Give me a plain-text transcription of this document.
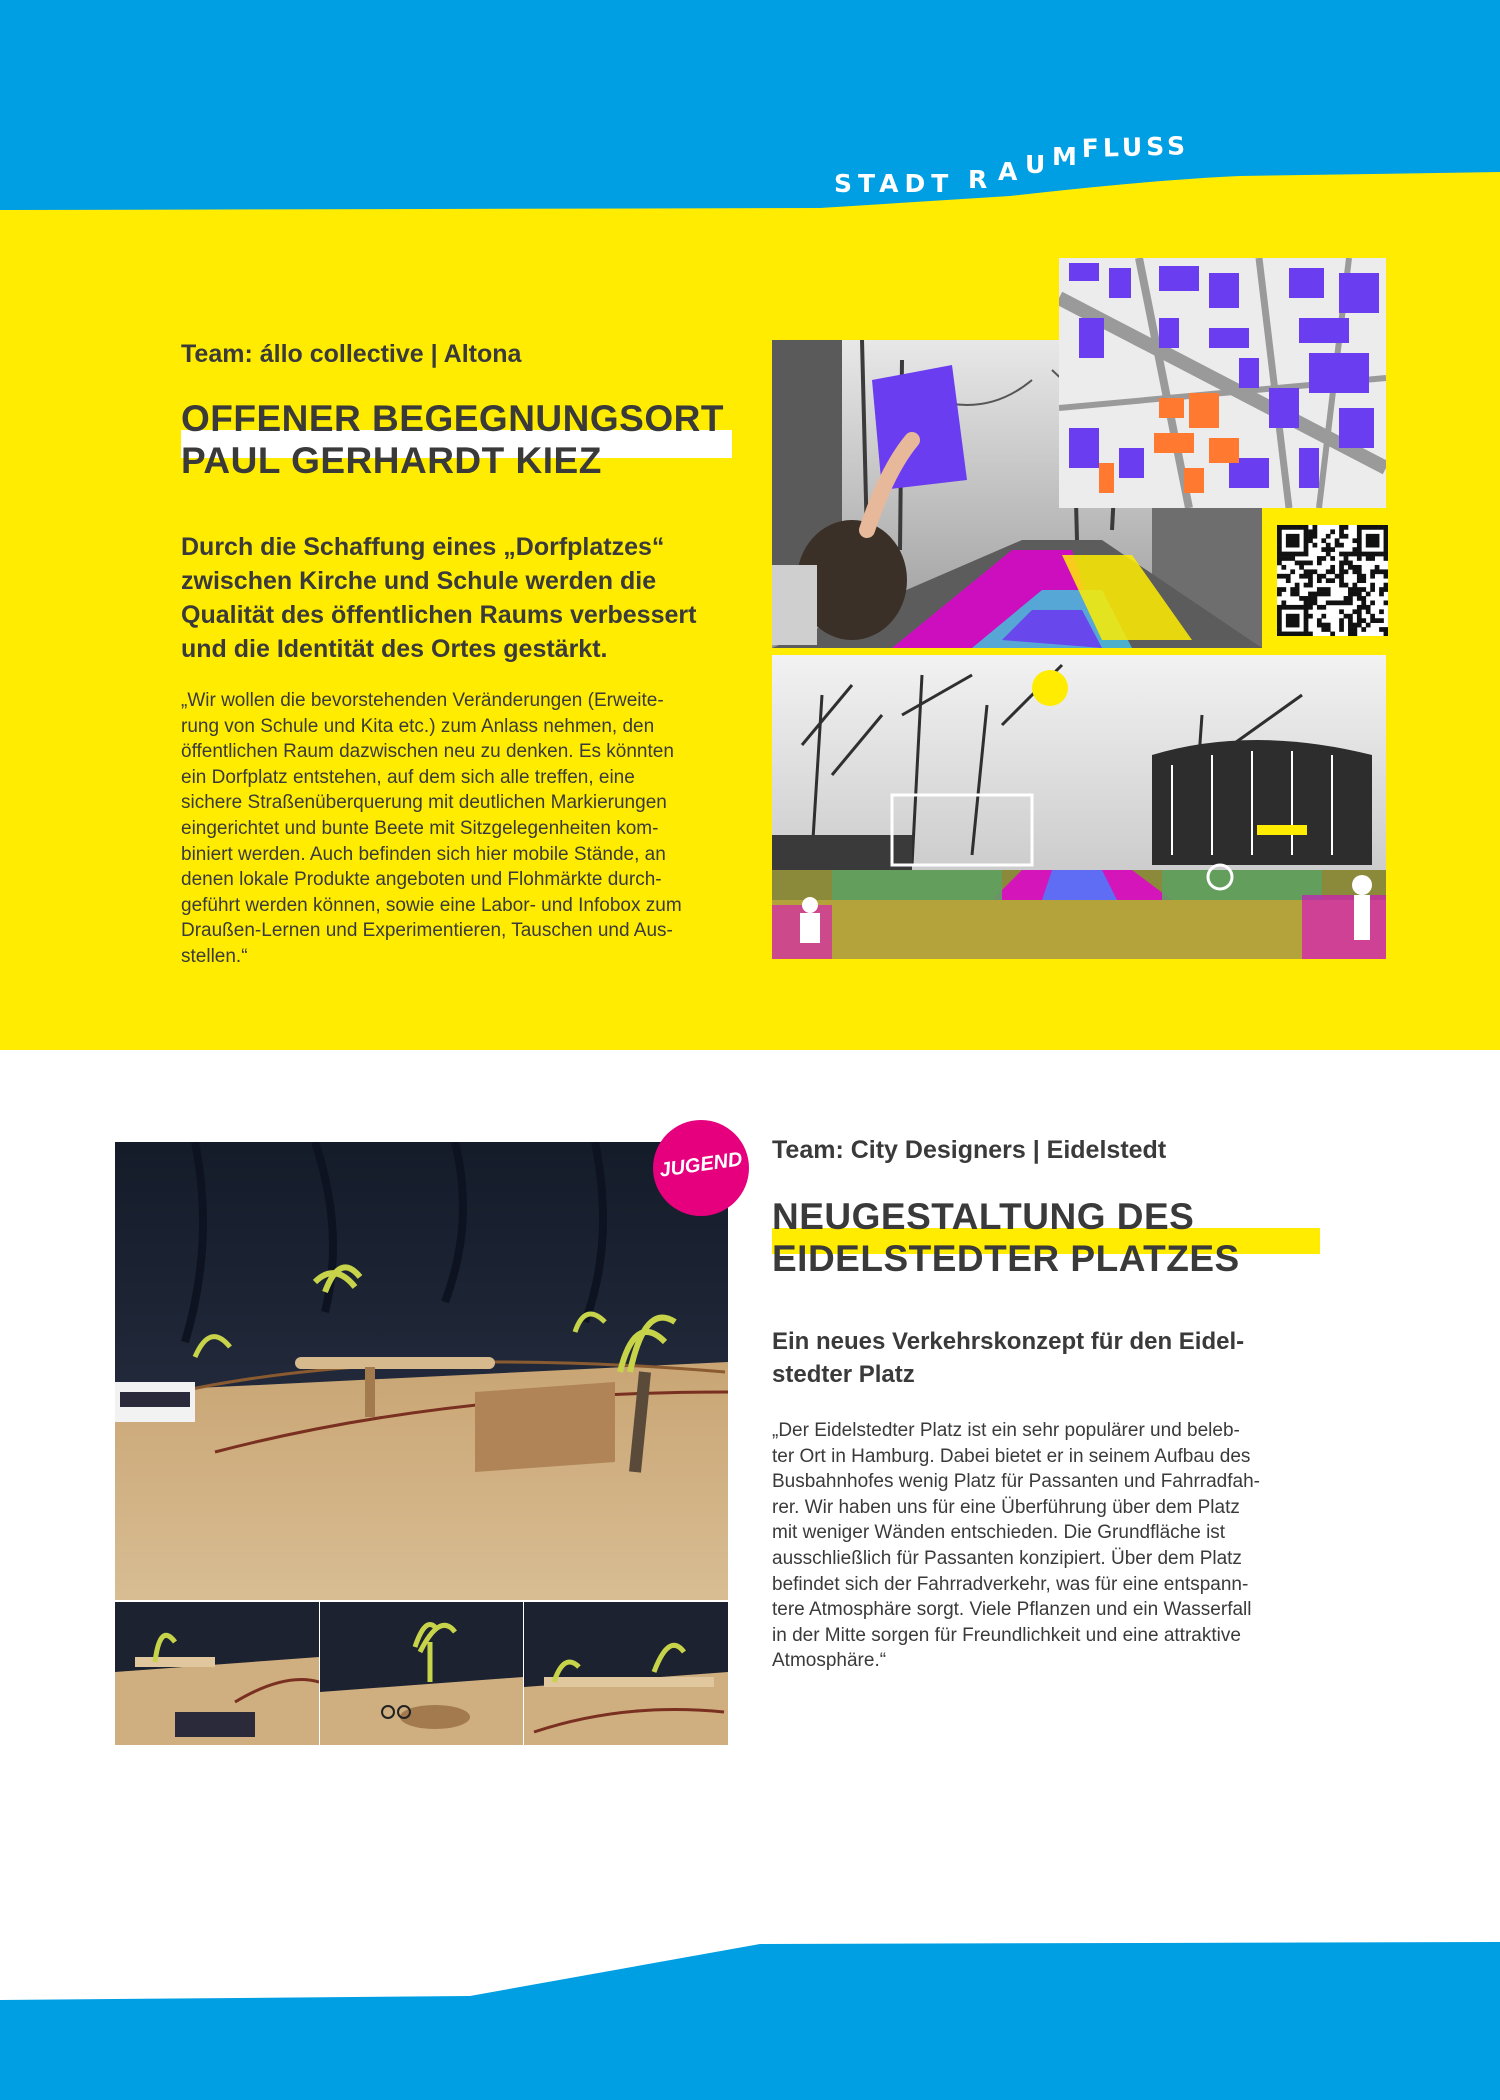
STADT R A U M FLUSS
Team: állo collective | Altona
OFFENER BEGEGNUNGSORT
PAUL GERHARDT KIEZ
Durch die Schaffung eines „Dorfplatzes“
zwischen Kirche und Schule werden die
Qualität des öffentlichen Raums verbessert
und die Identität des Ortes gestärkt.
„Wir wollen die bevorstehenden Veränderungen (Erweite-
rung von Schule und Kita etc.) zum Anlass nehmen, den
öffentlichen Raum dazwischen neu zu denken. Es könnten
ein Dorfplatz entstehen, auf dem sich alle treffen, eine
sichere Straßenüberquerung mit deutlichen Markierungen
eingerichtet und bunte Beete mit Sitzgelegenheiten kom-
biniert werden. Auch befinden sich hier mobile Stände, an
denen lokale Produkte angeboten und Flohmärkte durch-
geführt werden können, sowie eine Labor- und Infobox zum
Draußen-Lernen und Experimentieren, Tauschen und Aus-
stellen.“
JUGEND Team: City Designers | Eidelstedt
NEUGESTALTUNG DES
EIDELSTEDTER PLATZES
Ein neues Verkehrskonzept für den Eidel-
stedter Platz
„Der Eidelstedter Platz ist ein sehr populärer und beleb-
ter Ort in Hamburg. Dabei bietet er in seinem Aufbau des
Busbahnhofes wenig Platz für Passanten und Fahrradfah-
rer. Wir haben uns für eine Überführung über dem Platz
mit weniger Wänden entschieden. Die Grundfläche ist
ausschließlich für Passanten konzipiert. Über dem Platz
befindet sich der Fahrradverkehr, was für eine entspann-
tere Atmosphäre sorgt. Viele Pflanzen und ein Wasserfall
in der Mitte sorgen für Freundlichkeit und eine attraktive
Atmosphäre.“
